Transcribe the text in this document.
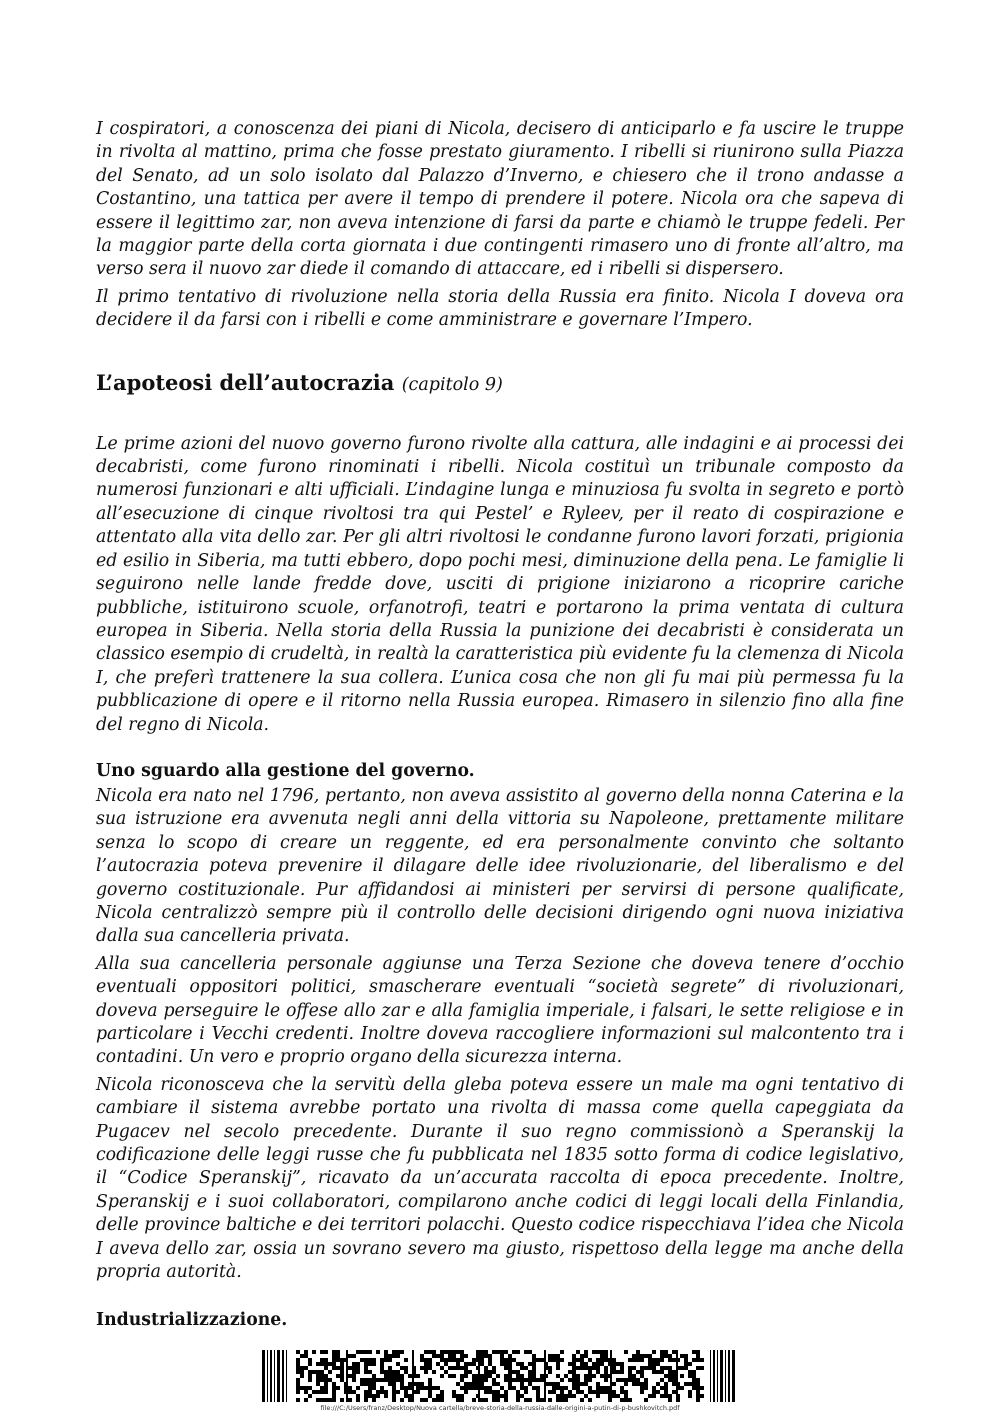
I cospiratori, a conoscenza dei piani di Nicola, decisero di anticiparlo e fa uscire le truppe in rivolta al mattino, prima che fosse prestato giuramento. I ribelli si riunirono sulla Piazza del Senato, ad un solo isolato dal Palazzo d’Inverno, e chiesero che il trono andasse a Costantino, una tattica per avere il tempo di prendere il potere. Nicola ora che sapeva di essere il legittimo zar, non aveva intenzione di farsi da parte e chiamò le truppe fedeli. Per la maggior parte della corta giornata i due contingenti rimasero uno di fronte all’altro, ma verso sera il nuovo zar diede il comando di attaccare, ed i ribelli si dispersero.

Il primo tentativo di rivoluzione nella storia della Russia era finito. Nicola I doveva ora decidere il da farsi con i ribelli e come amministrare e governare l’Impero.

L’apoteosi dell’autocrazia (capitolo 9)

Le prime azioni del nuovo governo furono rivolte alla cattura, alle indagini e ai processi dei decabristi, come furono rinominati i ribelli. Nicola costituì un tribunale composto da numerosi funzionari e alti ufficiali. L’indagine lunga e minuziosa fu svolta in segreto e portò all’esecuzione di cinque rivoltosi tra qui Pestel’ e Ryleev, per il reato di cospirazione e attentato alla vita dello zar. Per gli altri rivoltosi le condanne furono lavori forzati, prigionia ed esilio in Siberia, ma tutti ebbero, dopo pochi mesi, diminuzione della pena. Le famiglie li seguirono nelle lande fredde dove, usciti di prigione iniziarono a ricoprire cariche pubbliche, istituirono scuole, orfanotrofi, teatri e portarono la prima ventata di cultura europea in Siberia. Nella storia della Russia la punizione dei decabristi è considerata un classico esempio di crudeltà, in realtà la caratteristica più evidente fu la clemenza di Nicola I, che preferì trattenere la sua collera. L’unica cosa che non gli fu mai più permessa fu la pubblicazione di opere e il ritorno nella Russia europea. Rimasero in silenzio fino alla fine del regno di Nicola.

Uno sguardo alla gestione del governo.

Nicola era nato nel 1796, pertanto, non aveva assistito al governo della nonna Caterina e la sua istruzione era avvenuta negli anni della vittoria su Napoleone, prettamente militare senza lo scopo di creare un reggente, ed era personalmente convinto che soltanto l’autocrazia poteva prevenire il dilagare delle idee rivoluzionarie, del liberalismo e del governo costituzionale. Pur affidandosi ai ministeri per servirsi di persone qualificate, Nicola centralizzò sempre più il controllo delle decisioni dirigendo ogni nuova iniziativa dalla sua cancelleria privata.

Alla sua cancelleria personale aggiunse una Terza Sezione che doveva tenere d’occhio eventuali oppositori politici, smascherare eventuali “società segrete” di rivoluzionari, doveva perseguire le offese allo zar e alla famiglia imperiale, i falsari, le sette religiose e in particolare i Vecchi credenti. Inoltre doveva raccogliere informazioni sul malcontento tra i contadini. Un vero e proprio organo della sicurezza interna.

Nicola riconosceva che la servitù della gleba poteva essere un male ma ogni tentativo di cambiare il sistema avrebbe portato una rivolta di massa come quella capeggiata da Pugacev nel secolo precedente. Durante il suo regno commissionò a Speranskij la codificazione delle leggi russe che fu pubblicata nel 1835 sotto forma di codice legislativo, il “Codice Speranskij”, ricavato da un’accurata raccolta di epoca precedente. Inoltre, Speranskij e i suoi collaboratori, compilarono anche codici di leggi locali della Finlandia, delle province baltiche e dei territori polacchi. Questo codice rispecchiava l’idea che Nicola I aveva dello zar, ossia un sovrano severo ma giusto, rispettoso della legge ma anche della propria autorità.

Industrializzazione.
file:///C:/Users/franz/Desktop/Nuova cartella/breve-storia-della-russia-dalle-origini-a-putin-di-p-bushkovitch.pdf
